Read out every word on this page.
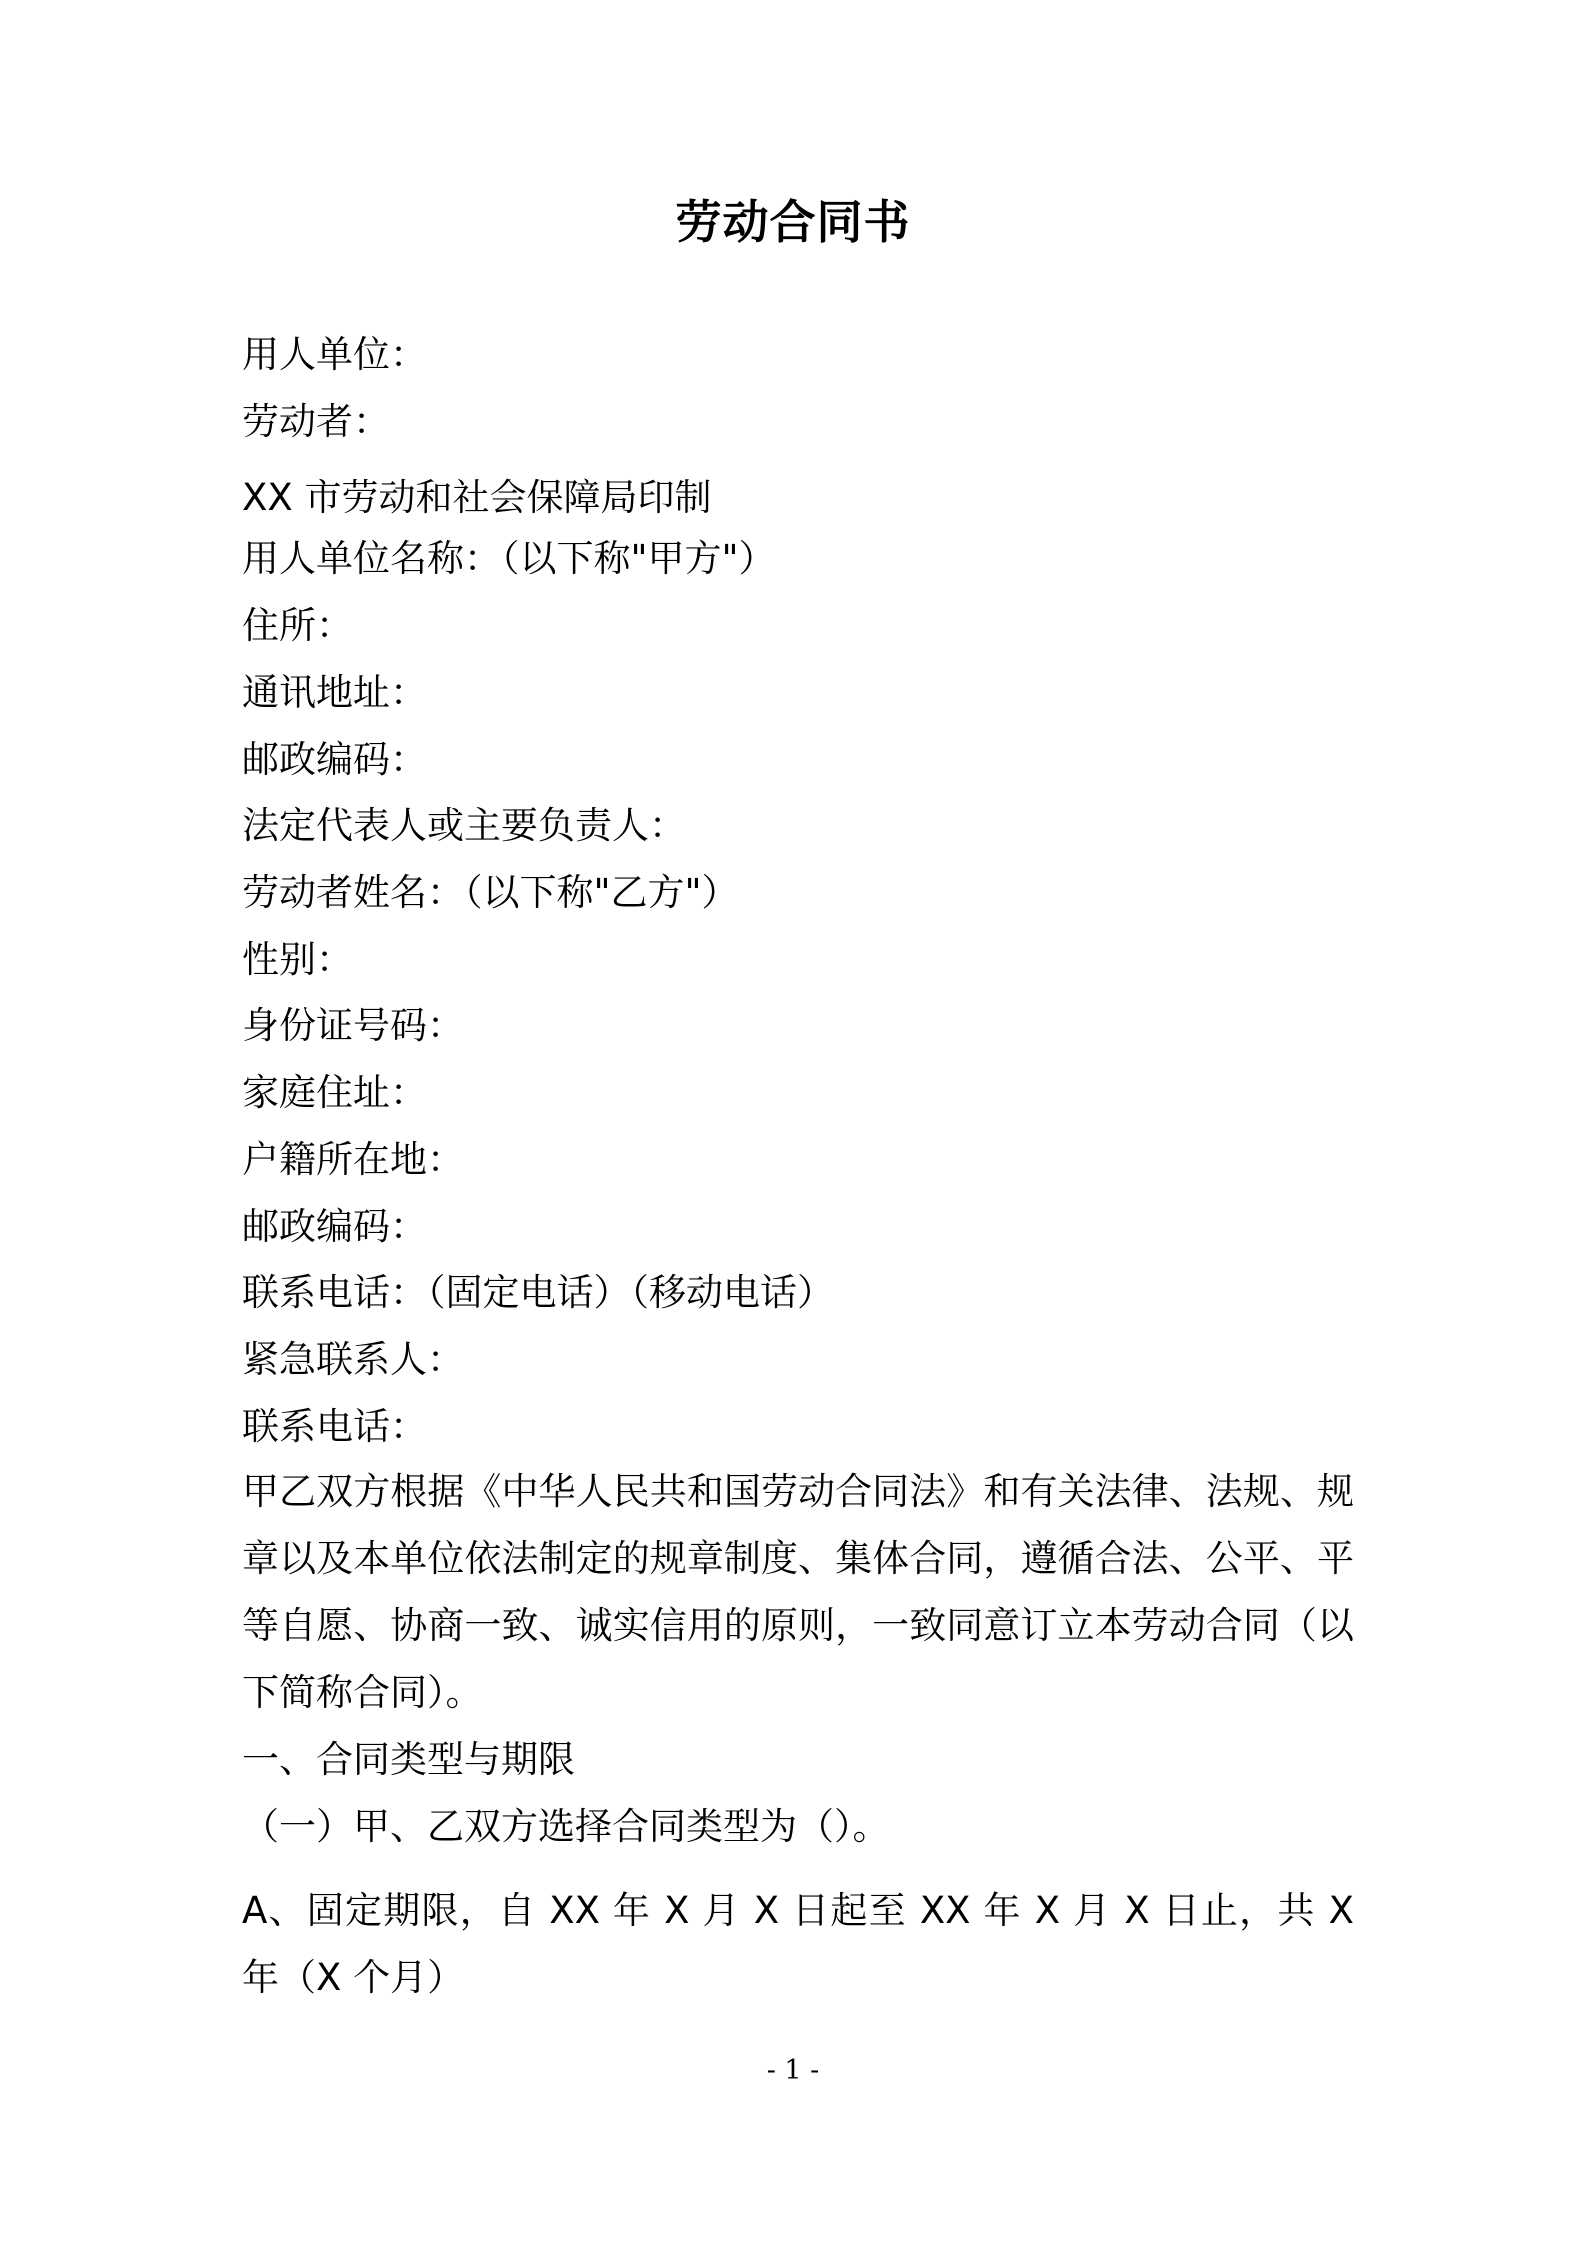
劳动合同书
用人单位：
劳动者：
XX 市劳动和社会保障局印制
用人单位名称：（以下称"甲方"）
住所：
通讯地址：
邮政编码：
法定代表人或主要负责人：
劳动者姓名：（以下称"乙方"）
性别：
身份证号码：
家庭住址：
户籍所在地：
邮政编码：
联系电话：（固定电话）（移动电话）
紧急联系人：
联系电话：
甲乙双方根据《中华人民共和国劳动合同法》和有关法律、法规、规章以及本单位依法制定的规章制度、集体合同，遵循合法、公平、平等自愿、协商一致、诚实信用的原则，一致同意订立本劳动合同（以下简称合同）。
一、合同类型与期限
（一）甲、乙双方选择合同类型为（）。
A、固定期限，自 XX 年 X 月 X 日起至 XX 年 X 月 X 日止，共 X 年（X 个月）
- 1 -
